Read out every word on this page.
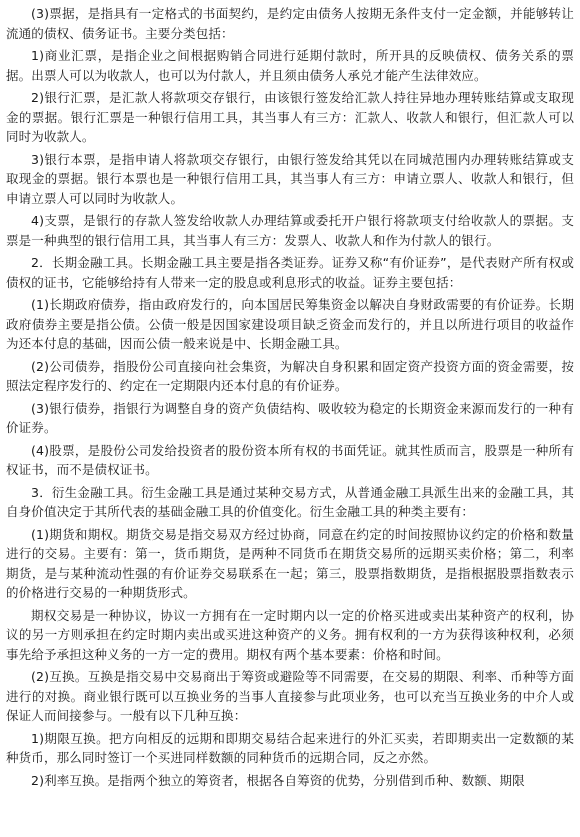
(3)票据，是指具有一定格式的书面契约，是约定由债务人按期无条件支付一定金额，并能够转让流通的债权、债务证书。主要分类包括：

1)商业汇票，是指企业之间根据购销合同进行延期付款时，所开具的反映债权、债务关系的票据。出票人可以为收款人，也可以为付款人，并且须由债务人承兑才能产生法律效应。

2)银行汇票，是汇款人将款项交存银行，由该银行签发给汇款人持往异地办理转账结算或支取现金的票据。银行汇票是一种银行信用工具，其当事人有三方：汇款人、收款人和银行，但汇款人可以同时为收款人。

3)银行本票，是指申请人将款项交存银行，由银行签发给其凭以在同城范围内办理转账结算或支取现金的票据。银行本票也是一种银行信用工具，其当事人有三方：申请立票人、收款人和银行，但申请立票人可以同时为收款人。

4)支票，是银行的存款人签发给收款人办理结算或委托开户银行将款项支付给收款人的票据。支票是一种典型的银行信用工具，其当事人有三方：发票人、收款人和作为付款人的银行。

2．长期金融工具。长期金融工具主要是指各类证券。证券又称“有价证券”，是代表财产所有权或债权的证书，它能够给持有人带来一定的股息或利息形式的收益。证券主要包括：

(1)长期政府债券，指由政府发行的，向本国居民筹集资金以解决自身财政需要的有价证券。长期政府债券主要是指公债。公债一般是因国家建设项目缺乏资金而发行的，并且以所进行项目的收益作为还本付息的基础，因而公债一般来说是中、长期金融工具。

(2)公司债券，指股份公司直接向社会集资，为解决自身积累和固定资产投资方面的资金需要，按照法定程序发行的、约定在一定期限内还本付息的有价证券。

(3)银行债券，指银行为调整自身的资产负债结构、吸收较为稳定的长期资金来源而发行的一种有价证券。

(4)股票，是股份公司发给投资者的股份资本所有权的书面凭证。就其性质而言，股票是一种所有权证书，而不是债权证书。

3．衍生金融工具。衍生金融工具是通过某种交易方式，从普通金融工具派生出来的金融工具，其自身价值决定于其所代表的基础金融工具的价值变化。衍生金融工具的种类主要有：

(1)期货和期权。期货交易是指交易双方经过协商，同意在约定的时间按照协议约定的价格和数量进行的交易。主要有：第一，货币期货，是两种不同货币在期货交易所的远期买卖价格；第二，利率期货，是与某种流动性强的有价证券交易联系在一起；第三，股票指数期货，是指根据股票指数表示的价格进行交易的一种期货形式。

期权交易是一种协议，协议一方拥有在一定时期内以一定的价格买进或卖出某种资产的权利，协议的另一方则承担在约定时期内卖出或买进这种资产的义务。拥有权利的一方为获得该种权利，必须事先给予承担这种义务的一方一定的费用。期权有两个基本要素：价格和时间。

(2)互换。互换是指交易中交易商出于筹资或避险等不同需要，在交易的期限、利率、币种等方面进行的对换。商业银行既可以互换业务的当事人直接参与此项业务，也可以充当互换业务的中介人或保证人而间接参与。一般有以下几种互换：

1)期限互换。把方向相反的远期和即期交易结合起来进行的外汇买卖，若即期卖出一定数额的某种货币，那么同时签订一个买进同样数额的同种货币的远期合同，反之亦然。

2)利率互换。是指两个独立的筹资者，根据各自筹资的优势，分别借到币种、数额、期限
